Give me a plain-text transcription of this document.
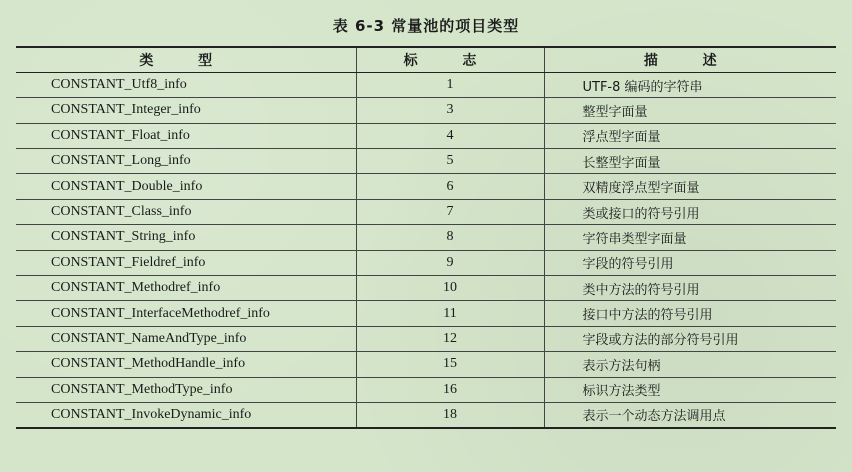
表 6-3 常量池的项目类型
类 型	标 志	描 述
CONSTANT_Utf8_info	1	UTF-8 编码的字符串
CONSTANT_Integer_info	3	整型字面量
CONSTANT_Float_info	4	浮点型字面量
CONSTANT_Long_info	5	长整型字面量
CONSTANT_Double_info	6	双精度浮点型字面量
CONSTANT_Class_info	7	类或接口的符号引用
CONSTANT_String_info	8	字符串类型字面量
CONSTANT_Fieldref_info	9	字段的符号引用
CONSTANT_Methodref_info	10	类中方法的符号引用
CONSTANT_InterfaceMethodref_info	11	接口中方法的符号引用
CONSTANT_NameAndType_info	12	字段或方法的部分符号引用
CONSTANT_MethodHandle_info	15	表示方法句柄
CONSTANT_MethodType_info	16	标识方法类型
CONSTANT_InvokeDynamic_info	18	表示一个动态方法调用点
